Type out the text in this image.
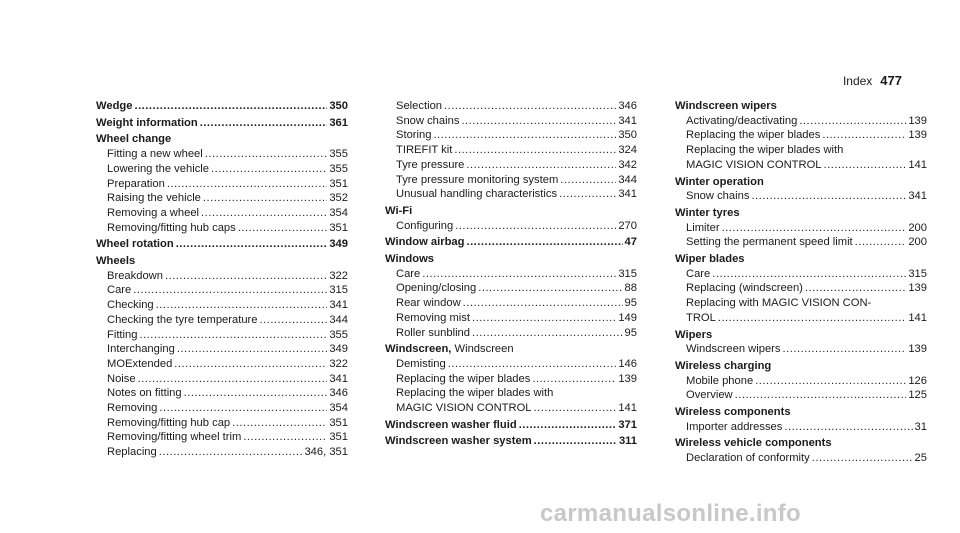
Index 477
Wedge .....	350
Weight information .....	361
Wheel change
Fitting a new wheel .....	355
Lowering the vehicle .....	355
Preparation .....	351
Raising the vehicle .....	352
Removing a wheel .....	354
Removing/fitting hub caps .....	351
Wheel rotation .....	349
Wheels
Breakdown .....	322
Care .....	315
Checking .....	341
Checking the tyre temperature .....	344
Fitting .....	355
Interchanging .....	349
MOExtended .....	322
Noise .....	341
Notes on fitting .....	346
Removing .....	354
Removing/fitting hub cap .....	351
Removing/fitting wheel trim .....	351
Replacing .....	346, 351
Selection .....	346
Snow chains .....	341
Storing .....	350
TIREFIT kit .....	324
Tyre pressure .....	342
Tyre pressure monitoring system .....	344
Unusual handling characteristics .....	341
Wi-Fi
Configuring .....	270
Window airbag .....	47
Windows
Care .....	315
Opening/closing .....	88
Rear window .....	95
Removing mist .....	149
Roller sunblind .....	95
Windscreen, Windscreen
Demisting .....	146
Replacing the wiper blades .....	139
Replacing the wiper blades with
MAGIC VISION CONTROL .....	141
Windscreen washer fluid .....	371
Windscreen washer system .....	311
Windscreen wipers
Activating/deactivating .....	139
Replacing the wiper blades .....	139
Replacing the wiper blades with
MAGIC VISION CONTROL .....	141
Winter operation
Snow chains .....	341
Winter tyres
Limiter .....	200
Setting the permanent speed limit .....	200
Wiper blades
Care .....	315
Replacing (windscreen) .....	139
Replacing with MAGIC VISION CON-
TROL .....	141
Wipers
Windscreen wipers .....	139
Wireless charging
Mobile phone .....	126
Overview .....	125
Wireless components
Importer addresses .....	31
Wireless vehicle components
Declaration of conformity .....	25
carmanualsonline.info
